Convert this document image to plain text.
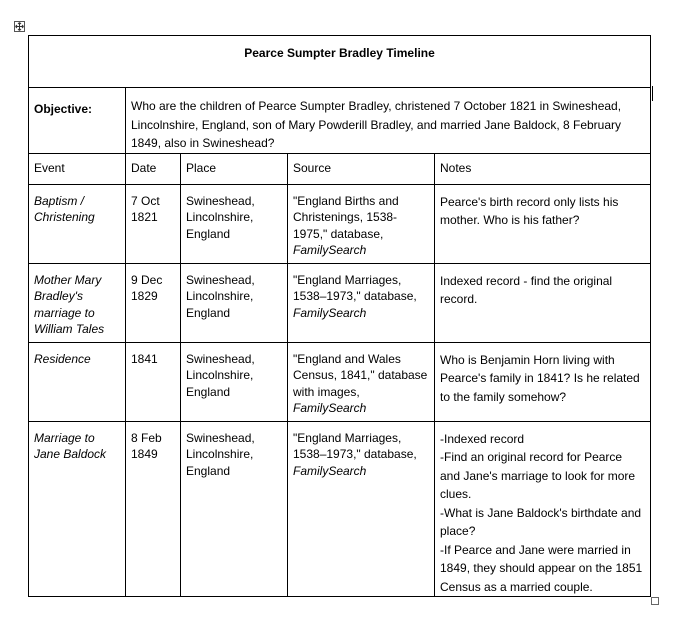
Pearce Sumpter Bradley Timeline				
Objective:	Who are the children of Pearce Sumpter Bradley, christened 7 October 1821 in Swineshead, Lincolnshire, England, son of Mary Powderill Bradley, and married Jane Baldock, 8 February 1849, also in Swineshead?			
Event	Date	Place	Source	Notes
Baptism / Christening	7 Oct 1821	Swineshead, Lincolnshire, England	"England Births and Christenings, 1538-1975," database, FamilySearch	Pearce's birth record only lists his mother. Who is his father?

Mother Mary Bradley's marriage to William Tales	9 Dec 1829	Swineshead, Lincolnshire, England	"England Marriages, 1538–1973," database, FamilySearch	Indexed record - find the original record.

Residence	1841	Swineshead, Lincolnshire, England	"England and Wales Census, 1841," database with images, FamilySearch	Who is Benjamin Horn living with Pearce's family in 1841? Is he related to the family somehow?

Marriage to Jane Baldock	8 Feb 1849	Swineshead, Lincolnshire, England	"England Marriages, 1538–1973," database, FamilySearch	-Indexed record
-Find an original record for Pearce and Jane's marriage to look for more clues.
-What is Jane Baldock's birthdate and place?
-If Pearce and Jane were married in 1849, they should appear on the 1851 Census as a married couple.
